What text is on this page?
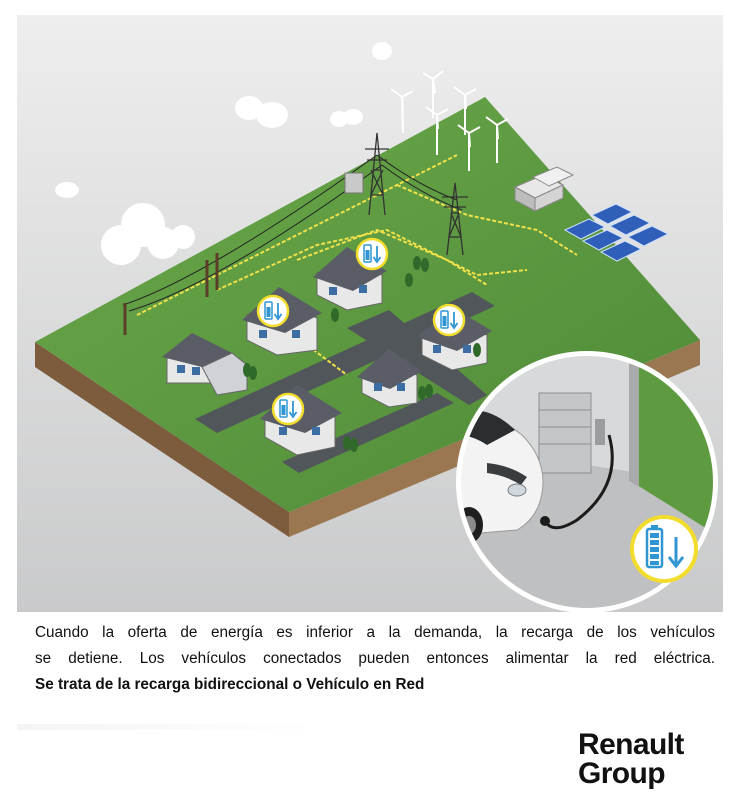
Cuando la oferta de energía es inferior a la demanda, la recarga de los vehículos
se detiene. Los vehículos conectados pueden entonces alimentar la red eléctrica.
Se trata de la recarga bidireccional o Vehículo en Red
Renault
Group
